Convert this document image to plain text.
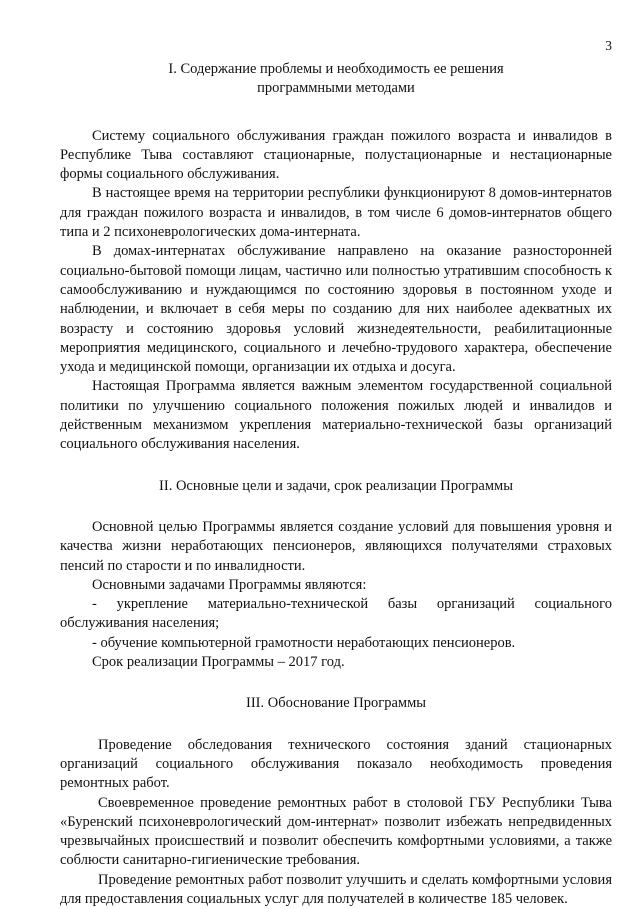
3
I. Содержание проблемы и необходимость ее решения
программными методами

Систему социального обслуживания граждан пожилого возраста и инвалидов в Республике Тыва составляют стационарные, полустационарные и нестационарные формы социального обслуживания.

В настоящее время на территории республики функционируют 8 домов-интернатов для граждан пожилого возраста и инвалидов, в том числе 6 домов-интернатов общего типа и 2 психоневрологических дома-интерната.

В домах-интернатах обслуживание направлено на оказание разносторонней социально-бытовой помощи лицам, частично или полностью утратившим способность к самообслуживанию и нуждающимся по состоянию здоровья в постоянном уходе и наблюдении, и включает в себя меры по созданию для них наиболее адекватных их возрасту и состоянию здоровья условий жизнедеятельности, реабилитационные мероприятия медицинского, социального и лечебно-трудового характера, обеспечение ухода и медицинской помощи, организации их отдыха и досуга.

Настоящая Программа является важным элементом государственной социальной политики по улучшению социального положения пожилых людей и инвалидов и действенным механизмом укрепления материально-технической базы организаций социального обслуживания населения.

II. Основные цели и задачи, срок реализации Программы

Основной целью Программы является создание условий для повышения уровня и качества жизни неработающих пенсионеров, являющихся получателями страховых пенсий по старости и по инвалидности.

Основными задачами Программы являются:

- укрепление материально-технической базы организаций социального обслуживания населения;

- обучение компьютерной грамотности неработающих пенсионеров.

Срок реализации Программы – 2017 год.

III. Обоснование Программы

Проведение обследования технического состояния зданий стационарных организаций социального обслуживания показало необходимость проведения ремонтных работ.

Своевременное проведение ремонтных работ в столовой ГБУ Республики Тыва «Буренский психоневрологический дом-интернат» позволит избежать непредвиденных чрезвычайных происшествий и позволит обеспечить комфортными условиями, а также соблюсти санитарно-гигиенические требования.

Проведение ремонтных работ позволит улучшить и сделать комфортными условия для предоставления социальных услуг для получателей в количестве 185 человек.
